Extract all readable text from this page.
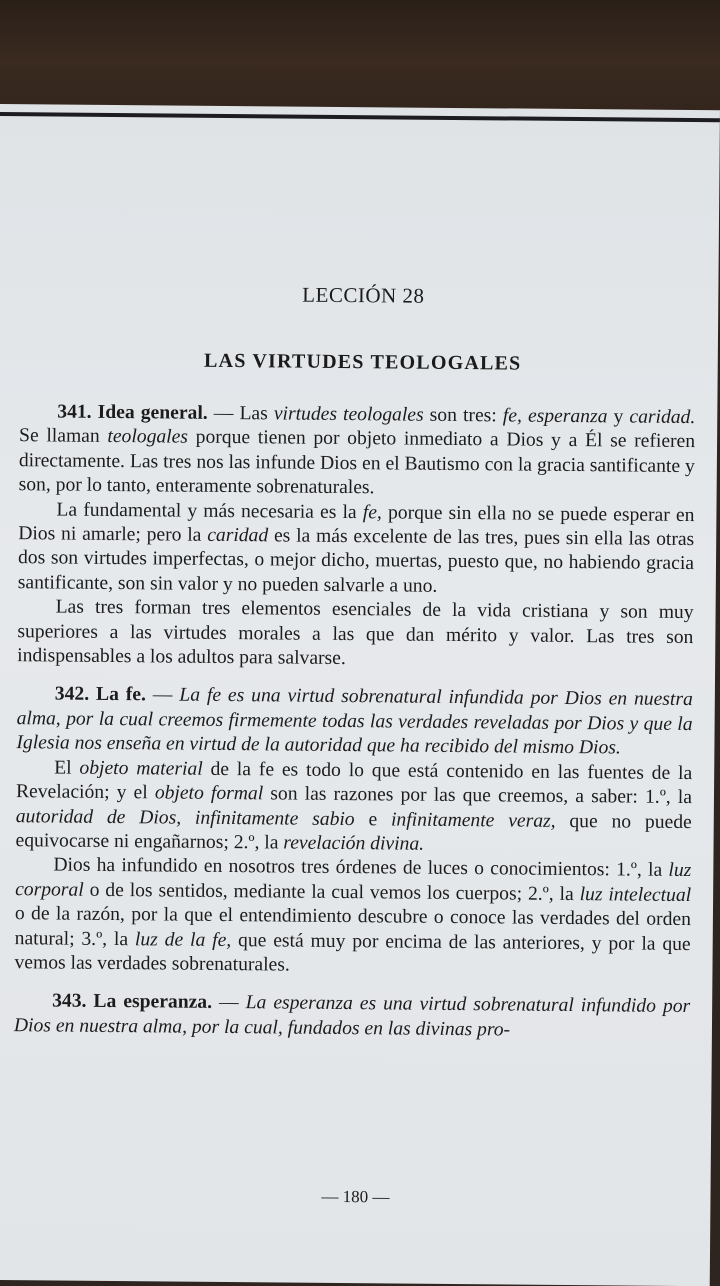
LECCIÓN 28
LAS VIRTUDES TEOLOGALES

341. Idea general. — Las virtudes teologales son tres: fe, esperanza y caridad. Se llaman teologales porque tienen por objeto inmediato a Dios y a Él se refieren directamente. Las tres nos las infunde Dios en el Bautismo con la gracia santificante y son, por lo tanto, enteramente sobrenaturales.

La fundamental y más necesaria es la fe, porque sin ella no se puede esperar en Dios ni amarle; pero la caridad es la más excelente de las tres, pues sin ella las otras dos son virtudes imperfectas, o mejor dicho, muertas, puesto que, no habiendo gracia santificante, son sin valor y no pueden salvarle a uno.

Las tres forman tres elementos esenciales de la vida cristiana y son muy superiores a las virtudes morales a las que dan mérito y valor. Las tres son indispensables a los adultos para salvarse.

342. La fe. — La fe es una virtud sobrenatural infundida por Dios en nuestra alma, por la cual creemos firmemente todas las verdades reveladas por Dios y que la Iglesia nos enseña en virtud de la autoridad que ha recibido del mismo Dios.

El objeto material de la fe es todo lo que está contenido en las fuentes de la Revelación; y el objeto formal son las razones por las que creemos, a saber: 1.º, la autoridad de Dios, infinitamente sabio e infinitamente veraz, que no puede equivocarse ni engañarnos; 2.º, la revelación divina.

Dios ha infundido en nosotros tres órdenes de luces o conocimientos: 1.º, la luz corporal o de los sentidos, mediante la cual vemos los cuerpos; 2.º, la luz intelectual o de la razón, por la que el entendimiento descubre o conoce las verdades del orden natural; 3.º, la luz de la fe, que está muy por encima de las anteriores, y por la que vemos las verdades sobrenaturales.

343. La esperanza. — La esperanza es una virtud sobrenatural infundido por Dios en nuestra alma, por la cual, fundados en las divinas pro-

— 180 —
